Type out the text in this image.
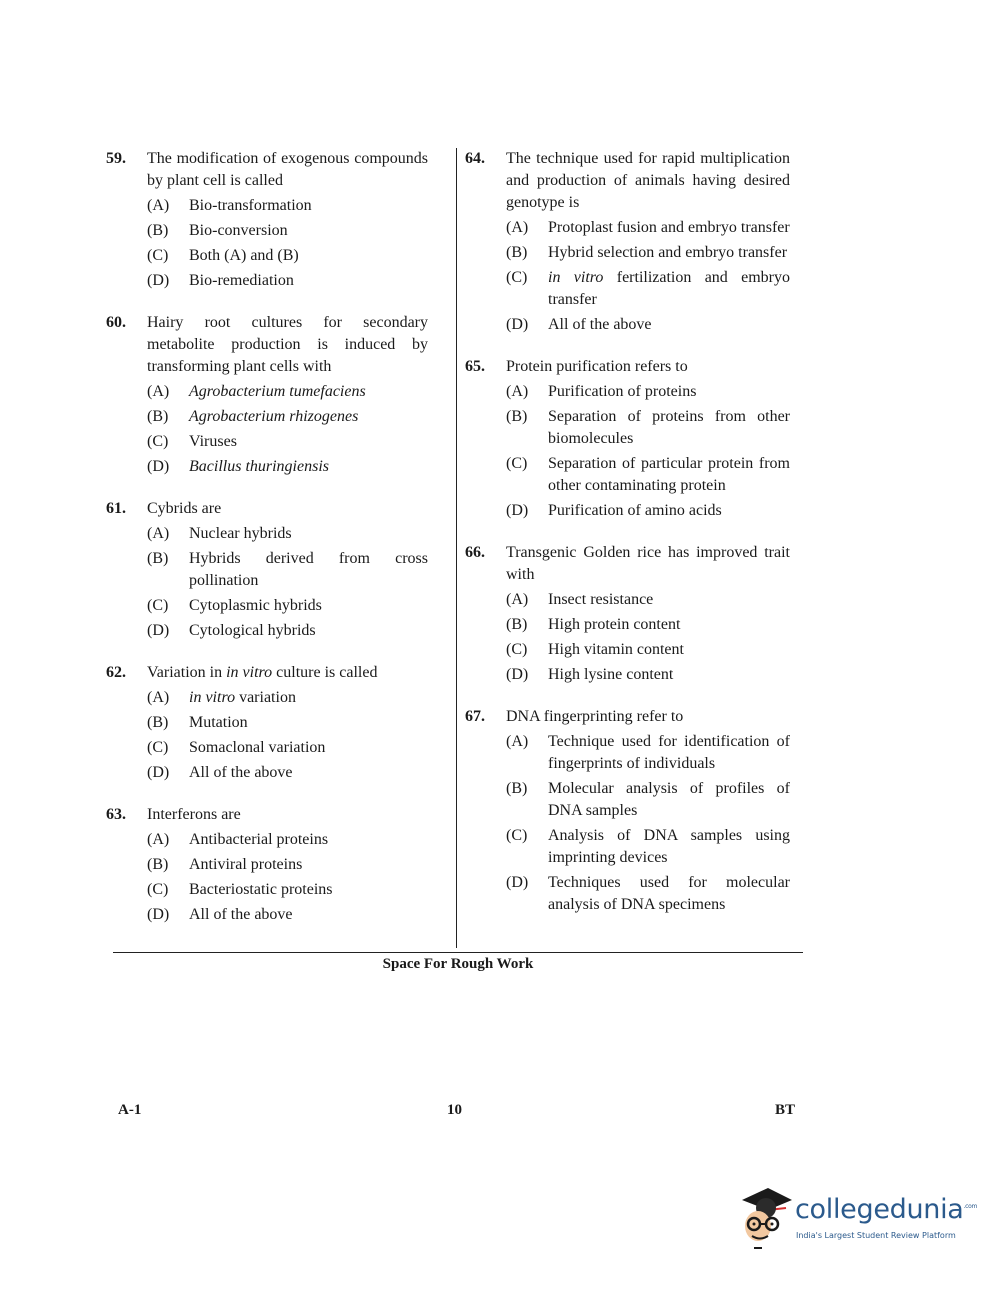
59.	The modification of exogenous compounds by plant cell is called
(A)	Bio-transformation
(B)	Bio-conversion
(C)	Both (A) and (B)
(D)	Bio-remediation
60.	Hairy root cultures for secondary metabolite production is induced by transforming plant cells with
(A)	Agrobacterium tumefaciens
(B)	Agrobacterium rhizogenes
(C)	Viruses
(D)	Bacillus thuringiensis
61.	Cybrids are
(A)	Nuclear hybrids
(B)	Hybrids derived from cross pollination
(C)	Cytoplasmic hybrids
(D)	Cytological hybrids
62.	Variation in in vitro culture is called
(A)	in vitro variation
(B)	Mutation
(C)	Somaclonal variation
(D)	All of the above
63.	Interferons are
(A)	Antibacterial proteins
(B)	Antiviral proteins
(C)	Bacteriostatic proteins
(D)	All of the above
64.	The technique used for rapid multiplication and production of animals having desired genotype is
(A)	Protoplast fusion and embryo transfer
(B)	Hybrid selection and embryo transfer
(C)	in vitro fertilization and embryo transfer
(D)	All of the above
65.	Protein purification refers to
(A)	Purification of proteins
(B)	Separation of proteins from other biomolecules
(C)	Separation of particular protein from other contaminating protein
(D)	Purification of amino acids
66.	Transgenic Golden rice has improved trait with
(A)	Insect resistance
(B)	High protein content
(C)	High vitamin content
(D)	High lysine content
67.	DNA fingerprinting refer to
(A)	Technique used for identification of fingerprints of individuals
(B)	Molecular analysis of profiles of DNA samples
(C)	Analysis of DNA samples using imprinting devices
(D)	Techniques used for molecular analysis of DNA specimens
Space For Rough Work
A-1	10	BT
collegedunia$^{.com}$
India's Largest Student Review Platform
